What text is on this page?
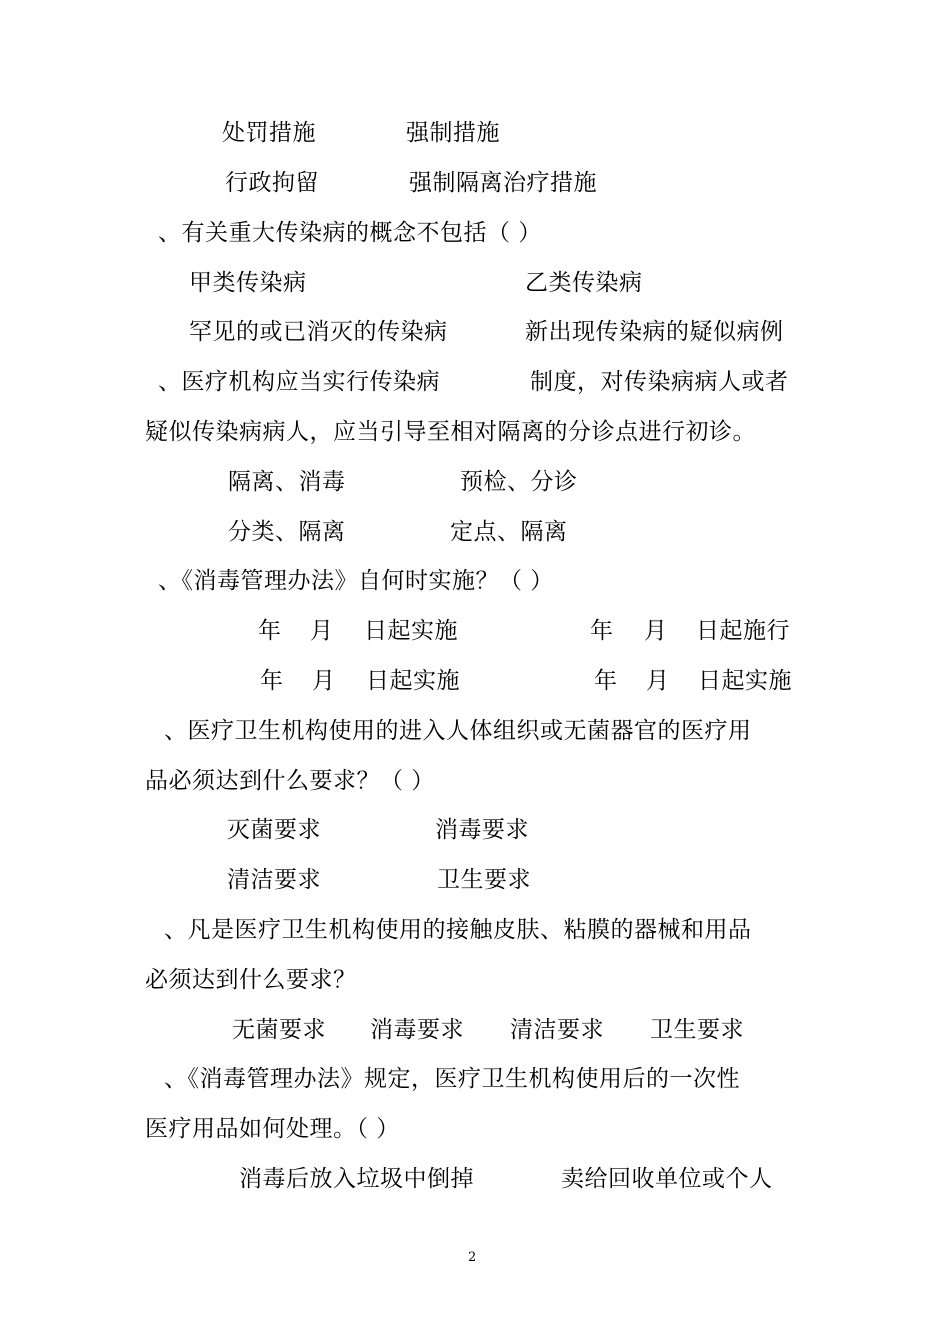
处罚措施	强制措施
行政拘留	强制隔离治疗措施
、有关重大传染病的概念不包括（ ）
甲类传染病	乙类传染病
罕见的或已消灭的传染病	新出现传染病的疑似病例
、医疗机构应当实行传染病	制度，对传染病病人或者
疑似传染病病人，应当引导至相对隔离的分诊点进行初诊。
隔离、消毒	预检、分诊
分类、隔离	定点、隔离
、《消毒管理办法》自何时实施？（ ）
年 月 日起实施	年 月 日起施行
年 月 日起实施	年 月 日起实施
、医疗卫生机构使用的进入人体组织或无菌器官的医疗用
品必须达到什么要求？（ ）
灭菌要求	消毒要求
清洁要求	卫生要求
、凡是医疗卫生机构使用的接触皮肤、粘膜的器械和用品
必须达到什么要求？
无菌要求 消毒要求 清洁要求 卫生要求
、《消毒管理办法》规定，医疗卫生机构使用后的一次性
医疗用品如何处理。（ ）
消毒后放入垃圾中倒掉	卖给回收单位或个人
2
